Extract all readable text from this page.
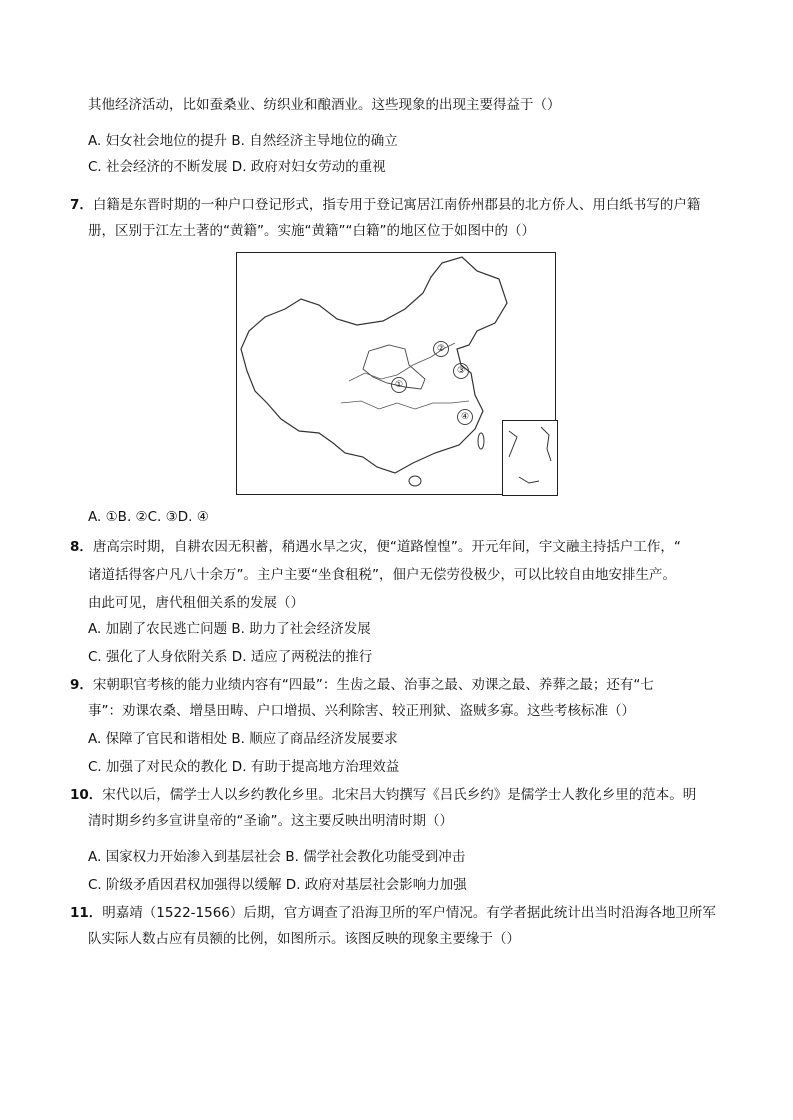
其他经济活动，比如蚕桑业、纺织业和酿酒业。这些现象的出现主要得益于（）
A. 妇女社会地位的提升 B. 自然经济主导地位的确立
C. 社会经济的不断发展 D. 政府对妇女劳动的重视
7．白籍是东晋时期的一种户口登记形式，指专用于登记寓居江南侨州郡县的北方侨人、用白纸书写的户籍
册，区别于江左土著的“黄籍”。实施“黄籍”“白籍”的地区位于如图中的（）
①
②
③
④
A. ①B. ②C. ③D. ④
8．唐高宗时期，自耕农因无积蓄，稍遇水旱之灾，便“道路惶惶”。开元年间，宇文融主持括户工作，“
诸道括得客户凡八十余万”。主户主要“坐食租税”，佃户无偿劳役极少，可以比较自由地安排生产。
由此可见，唐代租佃关系的发展（）
A. 加剧了农民逃亡问题 B. 助力了社会经济发展
C. 强化了人身依附关系 D. 适应了两税法的推行
9．宋朝职官考核的能力业绩内容有“四最”：生齿之最、治事之最、劝课之最、养葬之最；还有“七
事”：劝课农桑、增垦田畴、户口增损、兴利除害、较正刑狱、盗贼多寡。这些考核标准（）
A. 保障了官民和谐相处 B. 顺应了商品经济发展要求
C. 加强了对民众的教化 D. 有助于提高地方治理效益
10．宋代以后，儒学士人以乡约教化乡里。北宋吕大钧撰写《吕氏乡约》是儒学士人教化乡里的范本。明
清时期乡约多宣讲皇帝的“圣谕”。这主要反映出明清时期（）
A. 国家权力开始渗入到基层社会 B. 儒学社会教化功能受到冲击
C. 阶级矛盾因君权加强得以缓解 D. 政府对基层社会影响力加强
11．明嘉靖（1522-1566）后期，官方调查了沿海卫所的军户情况。有学者据此统计出当时沿海各地卫所军
队实际人数占应有员额的比例，如图所示。该图反映的现象主要缘于（）
